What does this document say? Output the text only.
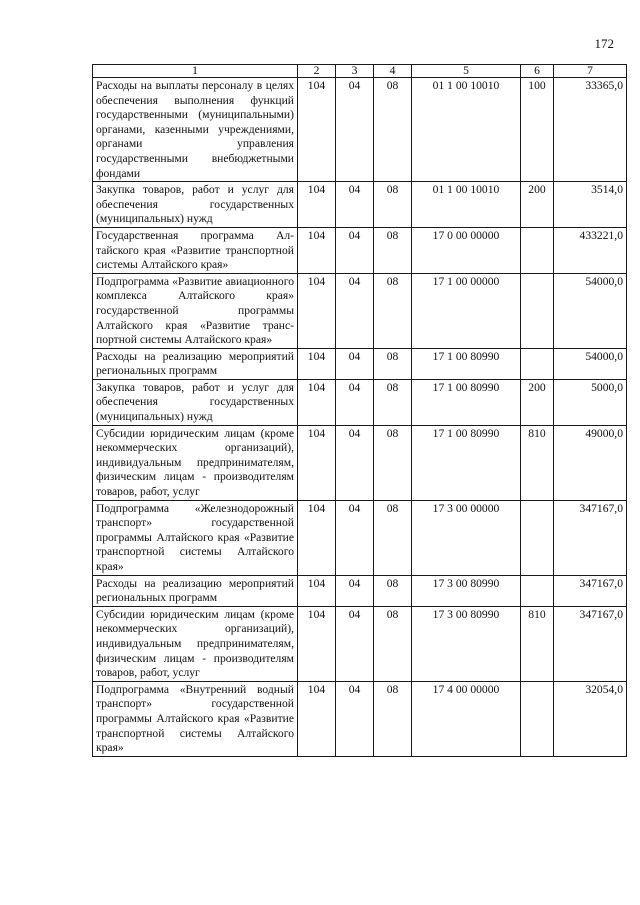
172
1	2	3	4	5	6	7
Расходы на выплаты персоналу в целях обеспечения выполнения функций государственными (муниципальными) органами, казенными учреждениями, органами управления государственными внебюджетными фондами	104	04	08	01 1 00 10010	100	33365,0
Закупка товаров, работ и услуг для обеспечения государственных (муниципальных) нужд	104	04	08	01 1 00 10010	200	3514,0
Государственная программа Алтайского края «Развитие транспортной системы Алтайского края»	104	04	08	17 0 00 00000		433221,0
Подпрограмма «Развитие авиационного комплекса Алтайского края» государственной программы Алтайского края «Развитие транспортной системы Алтайского края»	104	04	08	17 1 00 00000		54000,0
Расходы на реализацию мероприятий региональных программ	104	04	08	17 1 00 80990		54000,0
Закупка товаров, работ и услуг для обеспечения государственных (муниципальных) нужд	104	04	08	17 1 00 80990	200	5000,0
Субсидии юридическим лицам (кроме некоммерческих организаций), индивидуальным предпринимателям, физическим лицам - производителям товаров, работ, услуг	104	04	08	17 1 00 80990	810	49000,0
Подпрограмма «Железнодорожный транспорт» государственной программы Алтайского края «Развитие транспортной системы Алтайского края»	104	04	08	17 3 00 00000		347167,0
Расходы на реализацию мероприятий региональных программ	104	04	08	17 3 00 80990		347167,0
Субсидии юридическим лицам (кроме некоммерческих организаций), индивидуальным предпринимателям, физическим лицам - производителям товаров, работ, услуг	104	04	08	17 3 00 80990	810	347167,0
Подпрограмма «Внутренний водный транспорт» государственной программы Алтайского края «Развитие транспортной системы Алтайского края»	104	04	08	17 4 00 00000		32054,0
